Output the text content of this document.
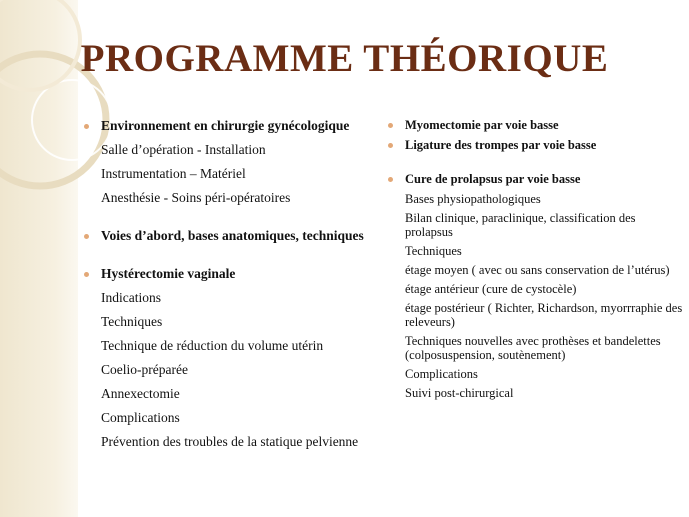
PROGRAMME THÉORIQUE
Environnement en chirurgie gynécologique
Salle d’opération - Installation
Instrumentation – Matériel
Anesthésie - Soins péri-opératoires
Voies d’abord, bases anatomiques, techniques
Hystérectomie vaginale
Indications
Techniques
Technique de réduction du volume utérin
Coelio-préparée
Annexectomie
Complications
Prévention des troubles de la statique pelvienne
Myomectomie par voie basse
Ligature des trompes par voie basse
Cure de prolapsus par voie basse
Bases physiopathologiques
Bilan clinique, paraclinique, classification des prolapsus
Techniques
étage moyen ( avec ou sans conservation de l’utérus)
étage antérieur (cure de cystocèle)
étage postérieur ( Richter, Richardson, myorrraphie des releveurs)
Techniques nouvelles avec prothèses et bandelettes (colposuspension, soutènement)
Complications
Suivi post-chirurgical
